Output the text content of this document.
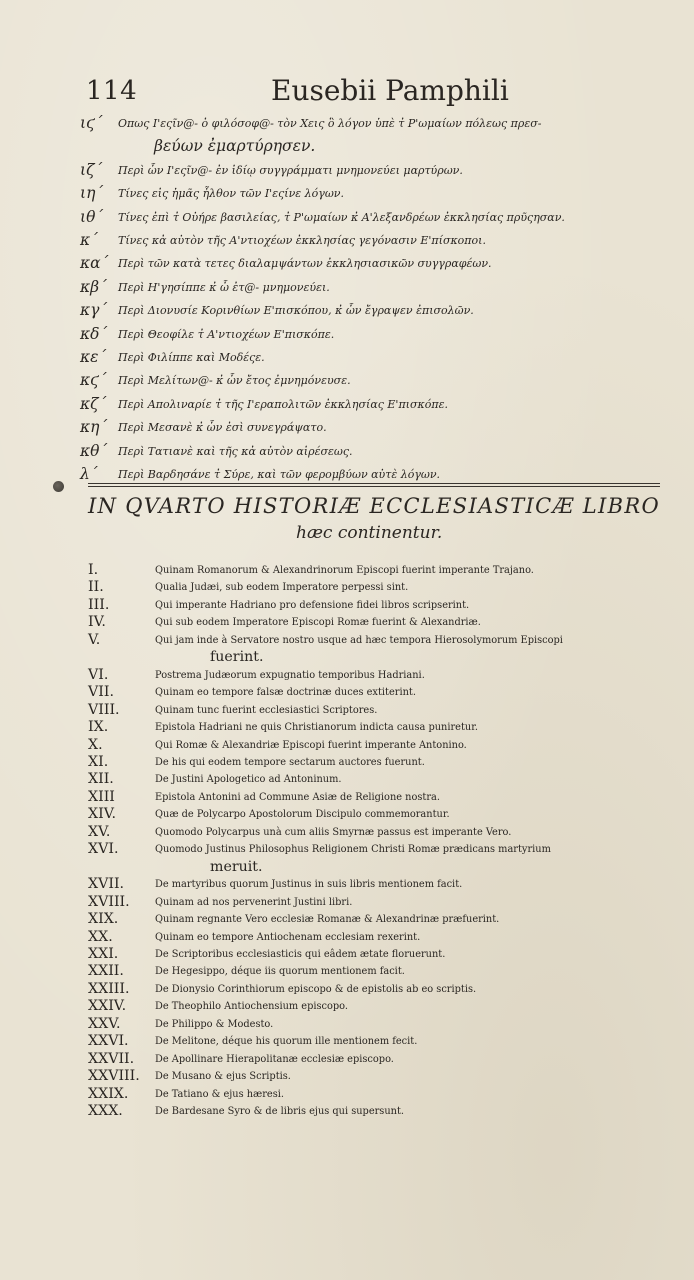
114	Eusebii Pamphili
ιϛ´	Οπως Ι'εςῖν@- ὁ φιλόσοφ@- τὸν Χεις ὃ λόγον ὑπὲ τ̓ Ρ'ωμαίων πόλεως πρεσ-
βεύων ἐμαρτύρησεν.
ιζ´	Περὶ ὧν Ι'εςῖν@- ἐν ἰδίῳ συγγράμματι μνημονεύει μαρτύρων.
ιη´	Τίνες εἰς ἡμᾶς ἦλθον τῶν Ι'εςίνε λόγων.
ιθ´	Τίνες ἐπὶ τ̓ Οὐήρε βασιλείας, τ̓ Ρ'ωμαίων κ̓ Α'λεξανδρέων ἐκκλησίας πρῦςησαν.
κ´	Τίνες κἀ αὐτὸν τῆς Α'ντιοχέων ἐκκλησίας γεγόνασιν Ε'πίσκοποι.
κα´ Περὶ τῶν κατὰ τετες διαλαμψάντων ἐκκλησιασικῶν συγγραφέων.
κβ´	Περὶ Η'γησίππε κ̓ ὧ ἐτ@- μνημονεύει.
κγ´ Περὶ Διονυσίε Κορινθίων Ε'πισκόπου, κ̓ ὧν ἔγραψεν ἐπισολῶν.
κδ´ Περὶ Θεοφίλε τ̓ Α'ντιοχέων Ε'πισκόπε.
κε´	Περὶ Φιλίππε καὶ Μοδέςε.
κϛ´	Περὶ Μελίτων@- κ̓ ὧν ἔτος ἐμνημόνευσε.
κζ´	Περὶ Απολιναρίε τ̓ τῆς Ι'εραπολιτῶν ἐκκλησίας Ε'πισκόπε.
κη´ Περὶ Μεσανὲ κ̓ ὧν ἐσὶ συνεγράψατο.
κθ´ Περὶ Τατιανὲ καὶ τῆς κἀ αὐτὸν αἱρέσεως.
λ´	Περὶ Βαρδησάνε τ̓ Σύρε, καὶ τῶν φερομβύων αὐτὲ λόγων.
IN QVARTO HISTORIÆ ECCLESIASTICÆ LIBRO
hæc continentur.
I.	Quinam Romanorum & Alexandrinorum Episcopi fuerint imperante Trajano.
II.	Qualia Judæi, sub eodem Imperatore perpessi sint.
III.	Qui imperante Hadriano pro defensione fidei libros scripserint.
IV.	Qui sub eodem Imperatore Episcopi Romæ fuerint & Alexandriæ.
V.	Qui jam inde à Servatore nostro usque ad hæc tempora Hierosolymorum Episcopi
fuerint.
VI.	Postrema Judæorum expugnatio temporibus Hadriani.
VII.	Quinam eo tempore falsæ doctrinæ duces extiterint.
VIII.	Quinam tunc fuerint ecclesiastici Scriptores.
IX.	Epistola Hadriani ne quis Christianorum indicta causa puniretur.
X.	Qui Romæ & Alexandriæ Episcopi fuerint imperante Antonino.
XI.	De his qui eodem tempore sectarum auctores fuerunt.
XII.	De Justini Apologetico ad Antoninum.
XIII	Epistola Antonini ad Commune Asiæ de Religione nostra.
XIV.	Quæ de Polycarpo Apostolorum Discipulo commemorantur.
XV.	Quomodo Polycarpus unà cum aliis Smyrnæ passus est imperante Vero.
XVI.	Quomodo Justinus Philosophus Religionem Christi Romæ prædicans martyrium
meruit.
XVII.	De martyribus quorum Justinus in suis libris mentionem facit.
XVIII.	Quinam ad nos pervenerint Justini libri.
XIX.	Quinam regnante Vero ecclesiæ Romanæ & Alexandrinæ præfuerint.
XX.	Quinam eo tempore Antiochenam ecclesiam rexerint.
XXI.	De Scriptoribus ecclesiasticis qui eâdem ætate floruerunt.
XXII.	De Hegesippo, déque iis quorum mentionem facit.
XXIII.	De Dionysio Corinthiorum episcopo & de epistolis ab eo scriptis.
XXIV.	De Theophilo Antiochensium episcopo.
XXV.	De Philippo & Modesto.
XXVI.	De Melitone, déque his quorum ille mentionem fecit.
XXVII.	De Apollinare Hierapolitanæ ecclesiæ episcopo.
XXVIII.	De Musano & ejus Scriptis.
XXIX.	De Tatiano & ejus hæresi.
XXX.	De Bardesane Syro & de libris ejus qui supersunt.
